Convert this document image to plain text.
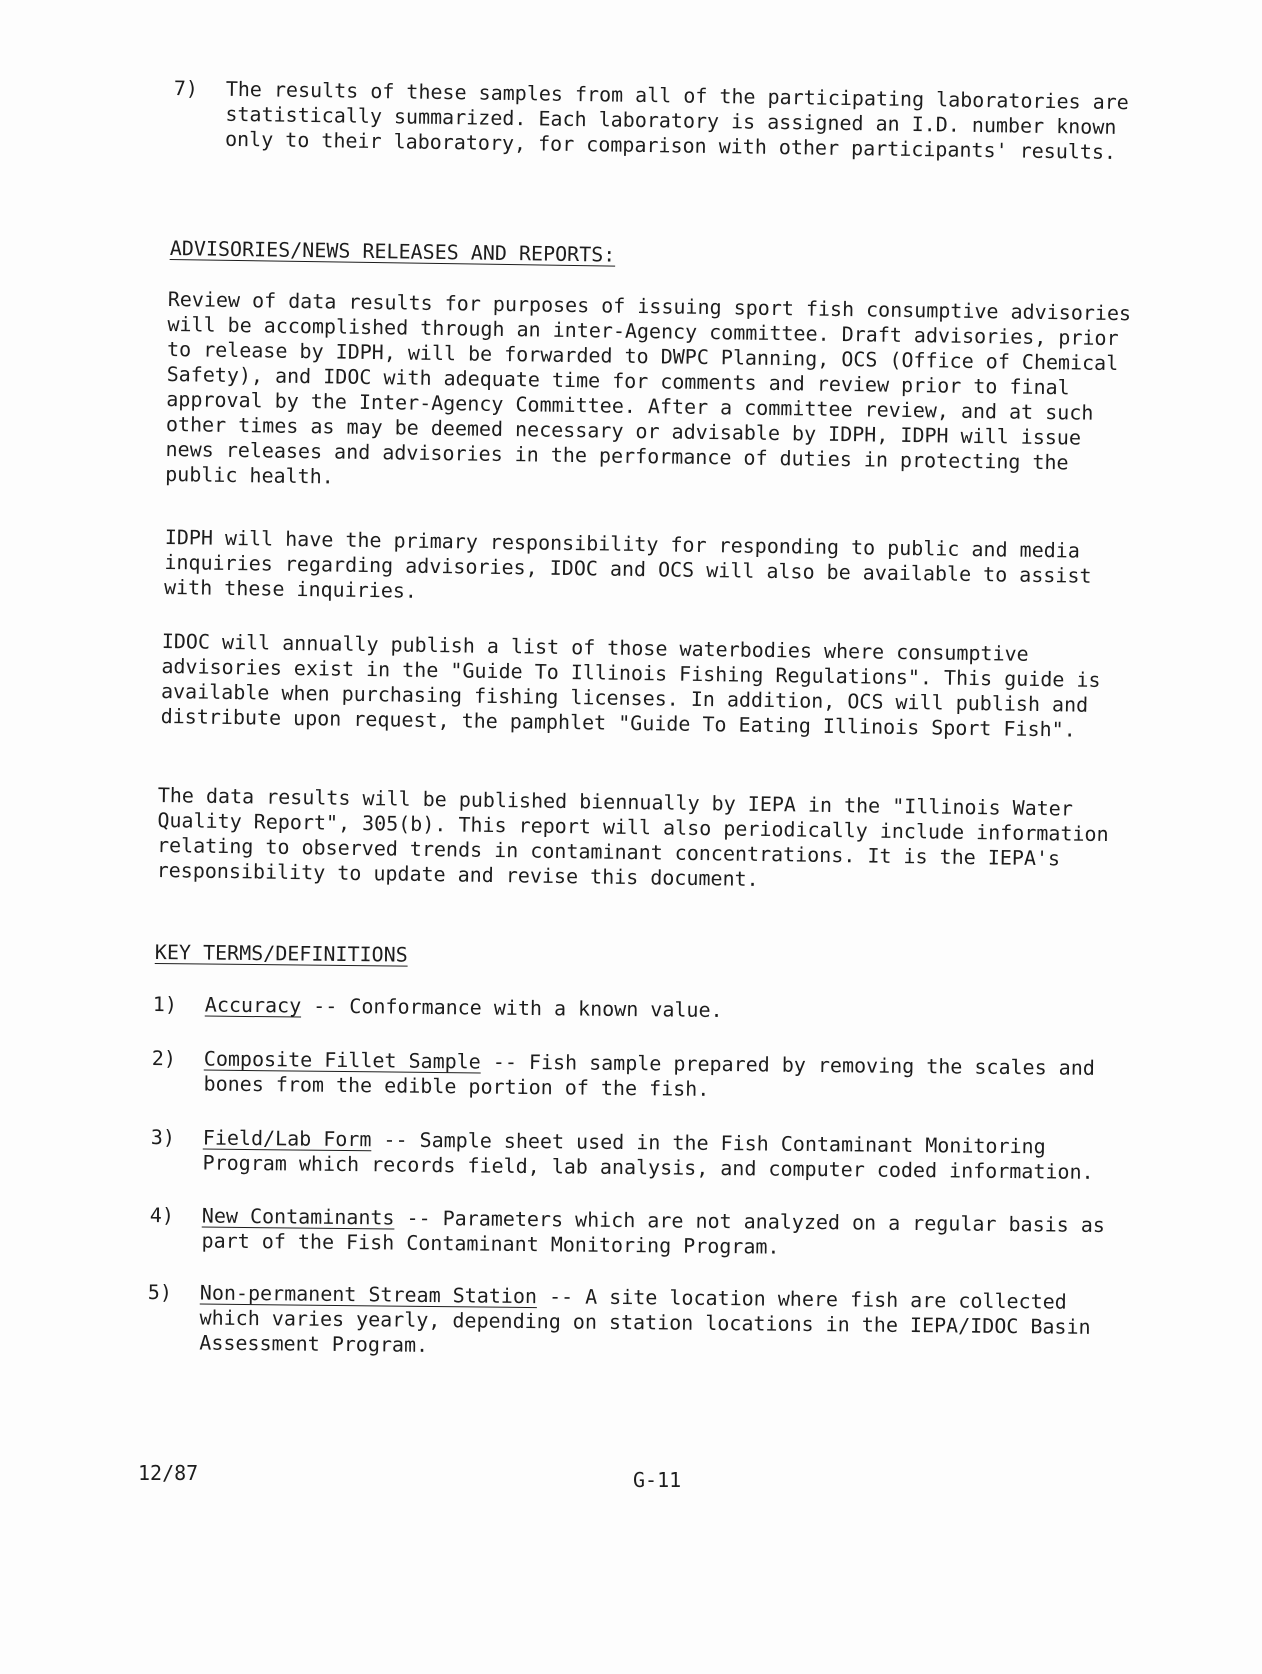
7)	The results of these samples from all of the participating laboratories are statistically summarized. Each laboratory is assigned an I.D. number known only to their laboratory, for comparison with other participants' results.
ADVISORIES/NEWS RELEASES AND REPORTS:

Review of data results for purposes of issuing sport fish consumptive advisories will be accomplished through an inter-Agency committee. Draft advisories, prior to release by IDPH, will be forwarded to DWPC Planning, OCS (Office of Chemical Safety), and IDOC with adequate time for comments and review prior to final approval by the Inter-Agency Committee. After a committee review, and at such other times as may be deemed necessary or advisable by IDPH, IDPH will issue news releases and advisories in the performance of duties in protecting the public health.

IDPH will have the primary responsibility for responding to public and media inquiries regarding advisories, IDOC and OCS will also be available to assist with these inquiries.

IDOC will annually publish a list of those waterbodies where consumptive advisories exist in the "Guide To Illinois Fishing Regulations". This guide is available when purchasing fishing licenses. In addition, OCS will publish and distribute upon request, the pamphlet "Guide To Eating Illinois Sport Fish".

The data results will be published biennually by IEPA in the "Illinois Water Quality Report", 305(b). This report will also periodically include information relating to observed trends in contaminant concentrations. It is the IEPA's responsibility to update and revise this document.

KEY TERMS/DEFINITIONS
1)	Accuracy -- Conformance with a known value.
2)	Composite Fillet Sample -- Fish sample prepared by removing the scales and bones from the edible portion of the fish.
3)	Field/Lab Form -- Sample sheet used in the Fish Contaminant Monitoring Program which records field, lab analysis, and computer coded information.
4)	New Contaminants -- Parameters which are not analyzed on a regular basis as part of the Fish Contaminant Monitoring Program.
5)	Non-permanent Stream Station -- A site location where fish are collected which varies yearly, depending on station locations in the IEPA/IDOC Basin Assessment Program.
12/87	G-11
